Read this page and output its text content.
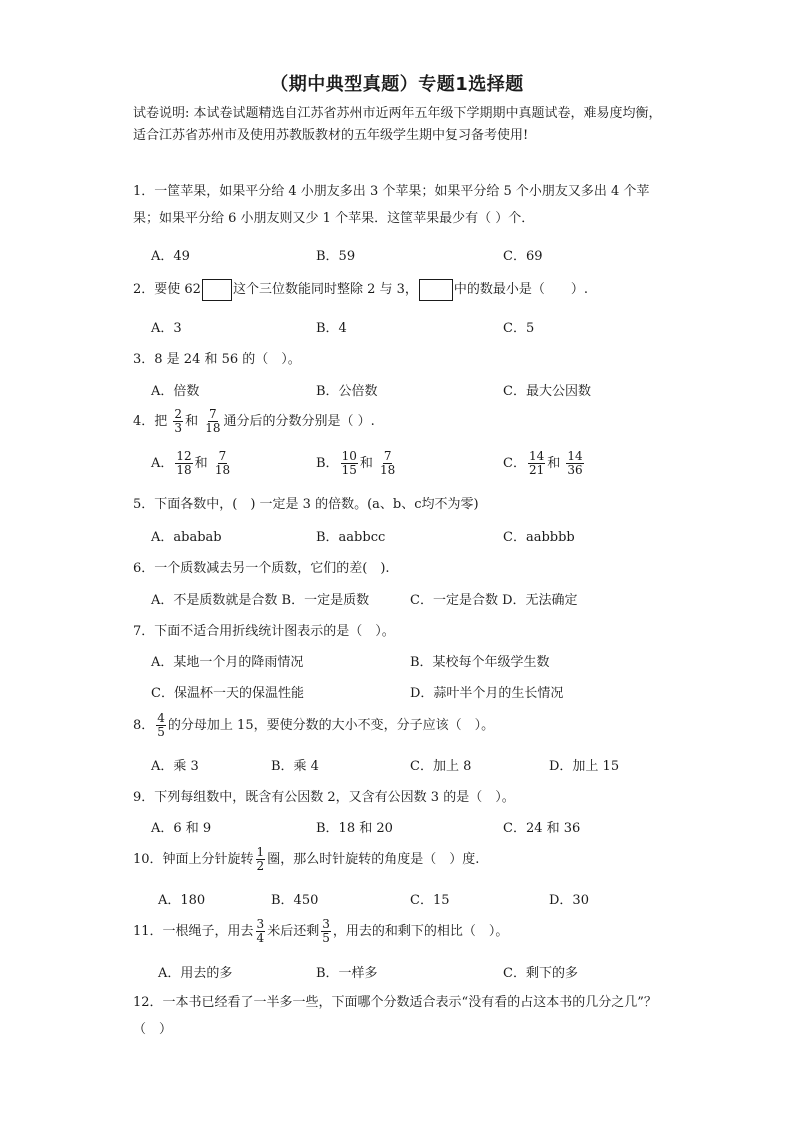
（期中典型真题）专题1选择题
试卷说明: 本试卷试题精选自江苏省苏州市近两年五年级下学期期中真题试卷，难易度均衡，适合江苏省苏州市及使用苏教版教材的五年级学生期中复习备考使用!
1．一筐苹果，如果平分给 4 小朋友多出 3 个苹果；如果平分给 5 个小朋友又多出 4 个苹果；如果平分给 6 小朋友则又少 1 个苹果．这筐苹果最少有（ ）个．
A．49	B．59	C．69
2．要使 62 这个三位数能同时整除 2 与 3，	中的数最小是（　　）.
A．3	B．4	C．5
3．8 是 24 和 56 的（　）。
A．倍数	B．公倍数	C．最大公因数
4．把 $\frac{2}{3}$ 和 $\frac{7}{18}$ 通分后的分数分别是（ ）.
A． $\frac{12}{18}$ 和 $\frac{7}{18}$	B． $\frac{10}{15}$ 和 $\frac{7}{18}$	C． $\frac{14}{21}$ 和 $\frac{14}{36}$
5．下面各数中，(　) 一定是 3 的倍数。(a、b、c均不为零)
A．ababab	B．aabbcc	C．aabbbb
6．一个质数减去另一个质数，它们的差(　).
A．不是质数就是合数 B．一定是质数	C．一定是合数 D．无法确定
7．下面不适合用折线统计图表示的是（　）。
A．某地一个月的降雨情况	B．某校每个年级学生数
C．保温杯一天的保温性能	D．蒜叶半个月的生长情况
8． $\frac{4}{5}$ 的分母加上 15，要使分数的大小不变，分子应该（　）。
A．乘 3	B．乘 4	C．加上 8	D．加上 15
9．下列每组数中，既含有公因数 2，又含有公因数 3 的是（　）。
A．6 和 9	B．18 和 20	C．24 和 36
10．钟面上分针旋转 $\frac{1}{2}$ 圈，那么时针旋转的角度是（　）度.
A．180	B．450	C．15	D．30
11．一根绳子，用去 $\frac{3}{4}$ 米后还剩 $\frac{3}{5}$ ，用去的和剩下的相比（　）。
A．用去的多	B．一样多	C．剩下的多
12．一本书已经看了一半多一些，下面哪个分数适合表示“没有看的占这本书的几分之几”？（　）
